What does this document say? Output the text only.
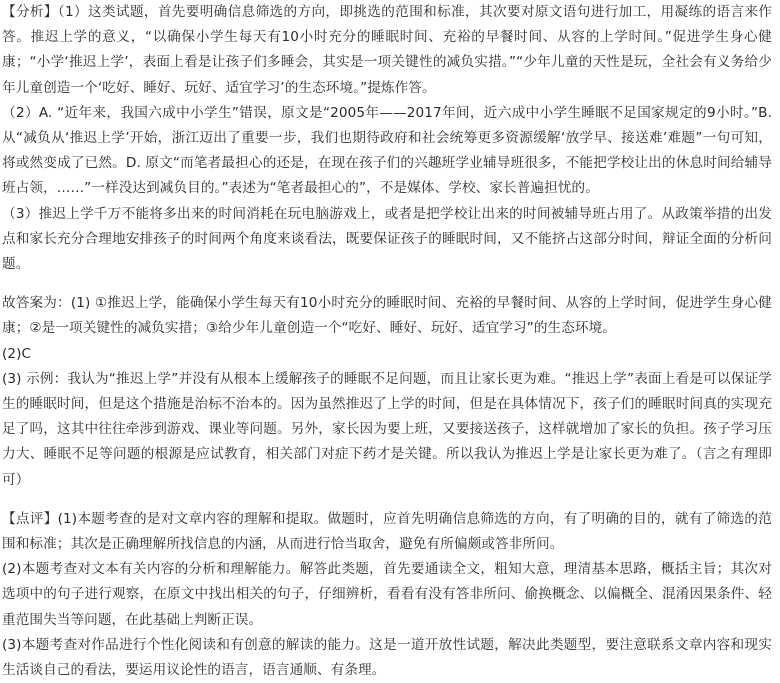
【分析】（1）这类试题，首先要明确信息筛选的方向，即挑选的范围和标准，其次要对原文语句进行加工，用凝练的语言来作答。推迟上学的意义，“以确保小学生每天有10小时充分的睡眠时间、充裕的早餐时间、从容的上学时间。”促进学生身心健康；“小学‘推迟上学’，表面上看是让孩子们多睡会，其实是一项关键性的减负实措。”“少年儿童的天性是玩，全社会有义务给少年儿童创造一个‘吃好、睡好、玩好、适宜学习’的生态环境。”提炼作答。

（2）A. “近年来，我国六成中小学生”错误，原文是“2005年——2017年间，近六成中小学生睡眠不足国家规定的9小时。”B. 从“减负从‘推迟上学’开始，浙江迈出了重要一步，我们也期待政府和社会统筹更多资源缓解‘放学早、接送难’难题”一句可知，将或然变成了已然。D. 原文“而笔者最担心的还是，在现在孩子们的兴趣班学业辅导班很多，不能把学校让出的休息时间给辅导班占领，……”一样没达到减负目的。”表述为“笔者最担心的”，不是媒体、学校、家长普遍担忧的。

（3）推迟上学千万不能将多出来的时间消耗在玩电脑游戏上，或者是把学校让出来的时间被辅导班占用了。从政策举措的出发点和家长充分合理地安排孩子的时间两个角度来谈看法，既要保证孩子的睡眠时间，又不能挤占这部分时间，辩证全面的分析问题。

故答案为：(1) ①推迟上学，能确保小学生每天有10小时充分的睡眠时间、充裕的早餐时间、从容的上学时间，促进学生身心健康；②是一项关键性的减负实措；③给少年儿童创造一个“吃好、睡好、玩好、适宜学习”的生态环境。

(2)C

(3) 示例：我认为“推迟上学”并没有从根本上缓解孩子的睡眠不足问题，而且让家长更为难。“推迟上学”表面上看是可以保证学生的睡眠时间，但是这个措施是治标不治本的。因为虽然推迟了上学的时间，但是在具体情况下，孩子们的睡眠时间真的实现充足了吗，这其中往往牵涉到游戏、课业等问题。另外，家长因为要上班，又要接送孩子，这样就增加了家长的负担。孩子学习压力大、睡眠不足等问题的根源是应试教育，相关部门对症下药才是关键。所以我认为推迟上学是让家长更为难了。（言之有理即可）

【点评】(1)本题考查的是对文章内容的理解和提取。做题时，应首先明确信息筛选的方向，有了明确的目的，就有了筛选的范围和标准；其次是正确理解所找信息的内涵，从而进行恰当取舍，避免有所偏颇或答非所问。

(2)本题考查对文本有关内容的分析和理解能力。解答此类题，首先要通读全文，粗知大意，理清基本思路，概括主旨；其次对选项中的句子进行观察，在原文中找出相关的句子，仔细辨析，看看有没有答非所问、偷换概念、以偏概全、混淆因果条件、轻重范围失当等问题，在此基础上判断正误。

(3)本题考查对作品进行个性化阅读和有创意的解读的能力。这是一道开放性试题，解决此类题型，要注意联系文章内容和现实生活谈自己的看法，要运用议论性的语言，语言通顺、有条理。
